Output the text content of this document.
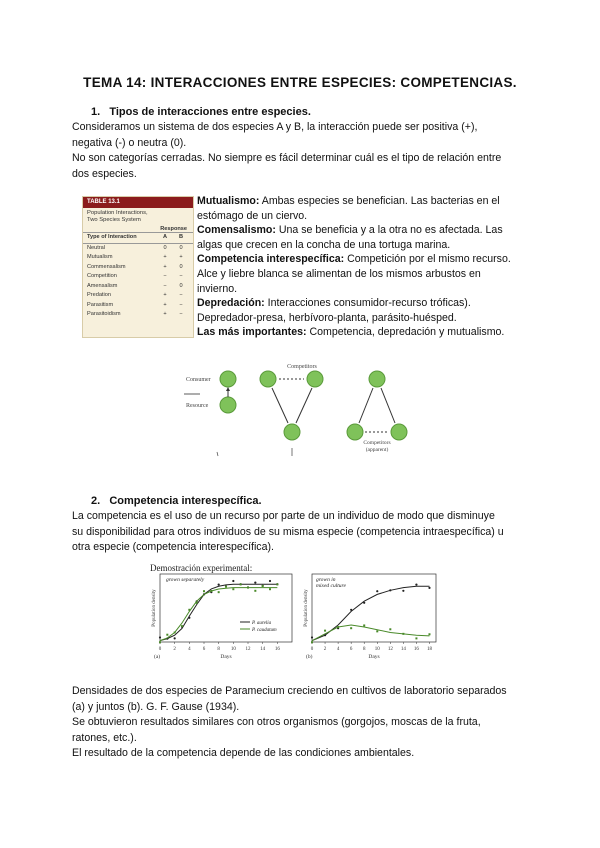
TEMA 14: INTERACCIONES ENTRE ESPECIES: COMPETENCIAS.
1.   Tipos de interacciones entre especies.
Consideramos un sistema de dos especies A y B, la interacción puede ser positiva (+),
negativa (-) o neutra (0).
No son categorías cerradas. No siempre es fácil determinar cuál es el tipo de relación entre
dos especies.
TABLE 13.1
Population Interactions,
Two Species System
Response
Type of Interaction	A	B
Neutral	0	0
Mutualism	+	+
Commensalism	+	0
Competition	−	−
Amensalism	−	0
Predation	+	−
Parasitism	+	−
Parasitoidism	+	−
Mutualismo: Ambas especies se benefician. Las bacterias en el
estómago de un ciervo.
Comensalismo: Una se beneficia y a la otra no es afectada. Las
algas que crecen en la concha de una tortuga marina.
Competencia interespecífica: Competición por el mismo recurso.
Alce y liebre blanca se alimentan de los mismos arbustos en
invierno.
Depredación: Interacciones consumidor-recurso tróficas).
Depredador-presa, herbívoro-planta, parásito-huésped.
Las más importantes: Competencia, depredación y mutualismo.
Consumer
Resource
Competitors
Competitors
(apparent)
2.   Competencia interespecífica.
La competencia es el uso de un recurso por parte de un individuo de modo que disminuye
su disponibilidad para otros individuos de su misma especie (competencia intraespecífica) u
otra especie (competencia interespecífica).
Demostración experimental:
0 2 4 6 8 10 12 14 16
Days
Population density
(a)
grown separately
P. aurelia
P. caudatum
0 2 4 6 8 10 12 14 16 18
Days
Population density
(b)
grown in
mixed culture
Densidades de dos especies de Paramecium creciendo en cultivos de laboratorio separados
(a) y juntos (b). G. F. Gause (1934).
Se obtuvieron resultados similares con otros organismos (gorgojos, moscas de la fruta,
ratones, etc.).
El resultado de la competencia depende de las condiciones ambientales.
